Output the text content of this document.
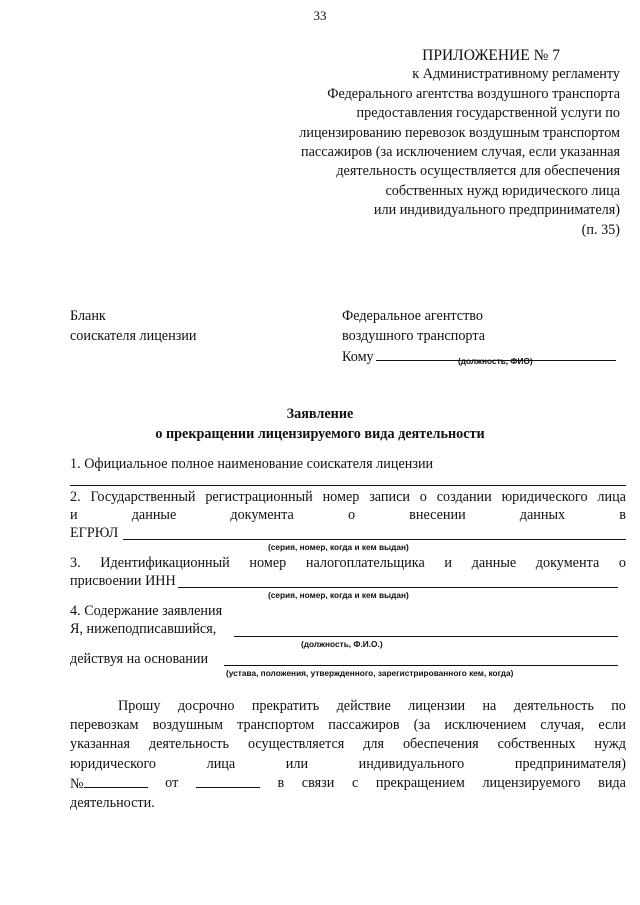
33
ПРИЛОЖЕНИЕ № 7
к Административному регламенту
Федерального агентства воздушного транспорта
предоставления государственной услуги по
лицензированию перевозок воздушным транспортом
пассажиров (за исключением случая, если указанная
деятельность осуществляется для обеспечения
собственных нужд юридического лица
или индивидуального предпринимателя)
(п. 35)
Бланк
соискателя лицензии
Федеральное агентство
воздушного транспорта
Кому	(должность, ФИО)
Заявление
о прекращении лицензируемого вида деятельности
1. Официальное полное наименование соискателя лицензии
2. Государственный регистрационный номер записи о создании юридического лица
и	данные	документа	о	внесении	данных	в
ЕГРЮЛ
(серия, номер, когда и кем выдан)
3. Идентификационный номер налогоплательщика и данные документа о
присвоении ИНН
(серия, номер, когда и кем выдан)
4. Содержание заявления
Я, нижеподписавшийся,
(должность, Ф.И.О.)
действуя на основании
(устава, положения, утвержденного, зарегистрированного кем, когда)
Прошу досрочно прекратить действие лицензии на деятельность по
перевозкам воздушным транспортом пассажиров (за исключением случая, если
указанная деятельность осуществляется для обеспечения собственных нужд
юридического	лица	или	индивидуального	предпринимателя)
№	от	в связи с прекращением лицензируемого вида
деятельности.
